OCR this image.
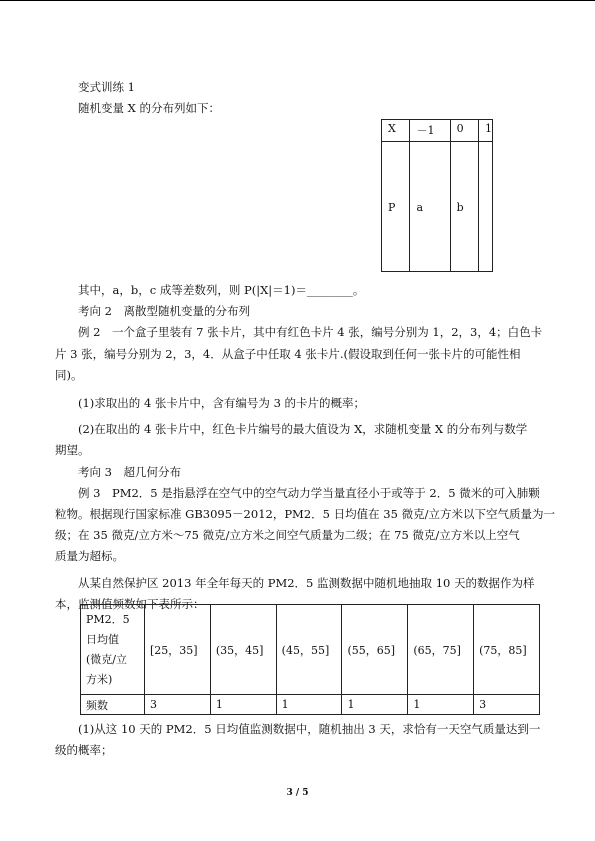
变式训练 1
随机变量 X 的分布列如下：
X	－1	0	1
P	a	b	
其中，a，b，c 成等差数列，则 P(|X|＝1)＝________。
考向 2　离散型随机变量的分布列
例 2　一个盒子里装有 7 张卡片，其中有红色卡片 4 张，编号分别为 1，2，3，4；白色卡
片 3 张，编号分别为 2，3，4．从盒子中任取 4 张卡片.(假设取到任何一张卡片的可能性相
同)。
(1)求取出的 4 张卡片中，含有编号为 3 的卡片的概率；
(2)在取出的 4 张卡片中，红色卡片编号的最大值设为 X，求随机变量 X 的分布列与数学
期望。
考向 3　超几何分布
例 3　PM2．5 是指悬浮在空气中的空气动力学当量直径小于或等于 2．5 微米的可入肺颗
粒物。根据现行国家标准 GB3095－2012，PM2．5 日均值在 35 微克/立方米以下空气质量为一
级；在 35 微克/立方米～75 微克/立方米之间空气质量为二级；在 75 微克/立方米以上空气
质量为超标。
从某自然保护区 2013 年全年每天的 PM2．5 监测数据中随机地抽取 10 天的数据作为样
本，监测值频数如下表所示：
PM2．5
日均值
(微克/立
方米)	[25，35]	(35，45]	(45，55]	(55，65]	(65，75]	(75，85]
频数	3	1	1	1	1	3
(1)从这 10 天的 PM2．5 日均值监测数据中，随机抽出 3 天，求恰有一天空气质量达到一
级的概率；
3 / 5
